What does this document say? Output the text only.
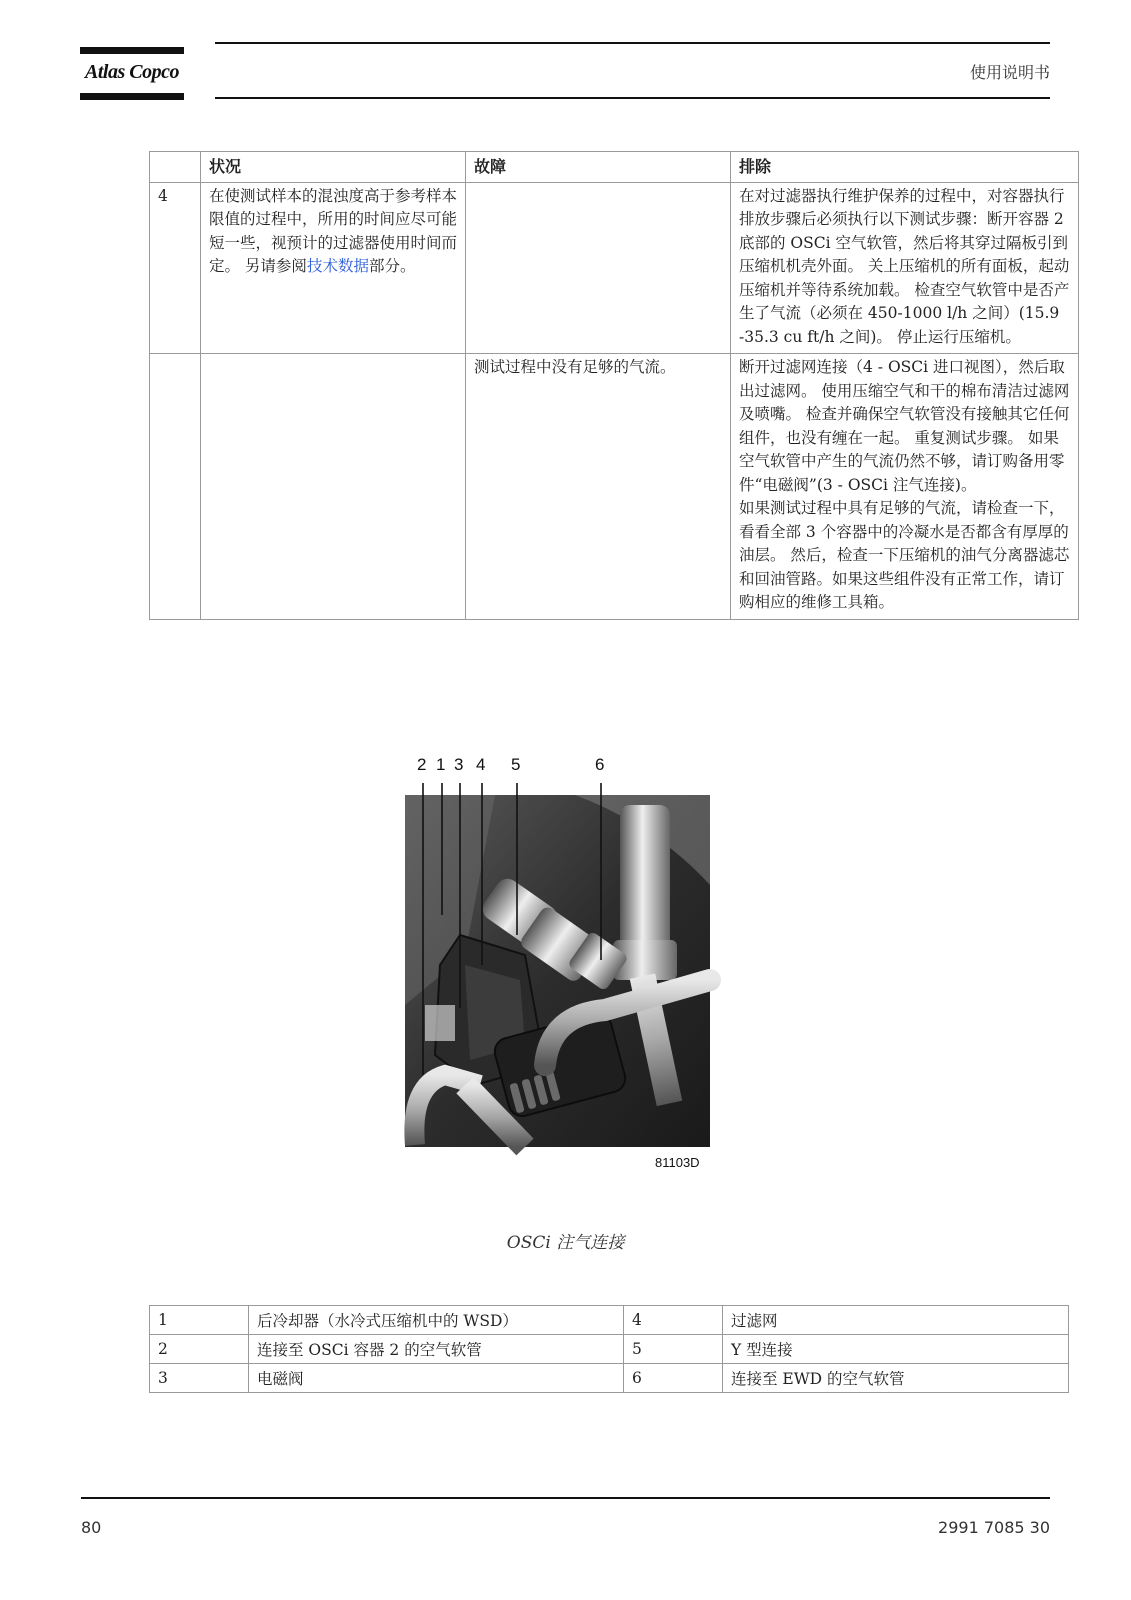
Atlas Copco	使用说明书
	状况	故障	排除
4	在使测试样本的混浊度高于参考样本限值的过程中，所用的时间应尽可能短一些，视预计的过滤器使用时间而定。 另请参阅技术数据部分。		在对过滤器执行维护保养的过程中，对容器执行排放步骤后必须执行以下测试步骤：断开容器 2 底部的 OSCi 空气软管，然后将其穿过隔板引到压缩机机壳外面。 关上压缩机的所有面板，起动压缩机并等待系统加载。 检查空气软管中是否产生了气流（必须在 450-1000 l/h 之间）(15.9 -35.3 cu ft/h 之间)。 停止运行压缩机。
		测试过程中没有足够的气流。	断开过滤网连接（4 - OSCi 进口视图），然后取出过滤网。 使用压缩空气和干的棉布清洁过滤网及喷嘴。 检查并确保空气软管没有接触其它任何组件，也没有缠在一起。 重复测试步骤。 如果空气软管中产生的气流仍然不够，请订购备用零件“电磁阀”(3 - OSCi 注气连接)。

如果测试过程中具有足够的气流，请检查一下，看看全部 3 个容器中的冷凝水是否都含有厚厚的油层。 然后，检查一下压缩机的油气分离器滤芯和回油管路。如果这些组件没有正常工作，请订购相应的维修工具箱。

2 1 3 4 5	6
81103D
OSCi 注气连接
1	后冷却器（水冷式压缩机中的 WSD）	4	过滤网
2	连接至 OSCi 容器 2 的空气软管	5	Y 型连接
3	电磁阀	6	连接至 EWD 的空气软管
80	2991 7085 30
